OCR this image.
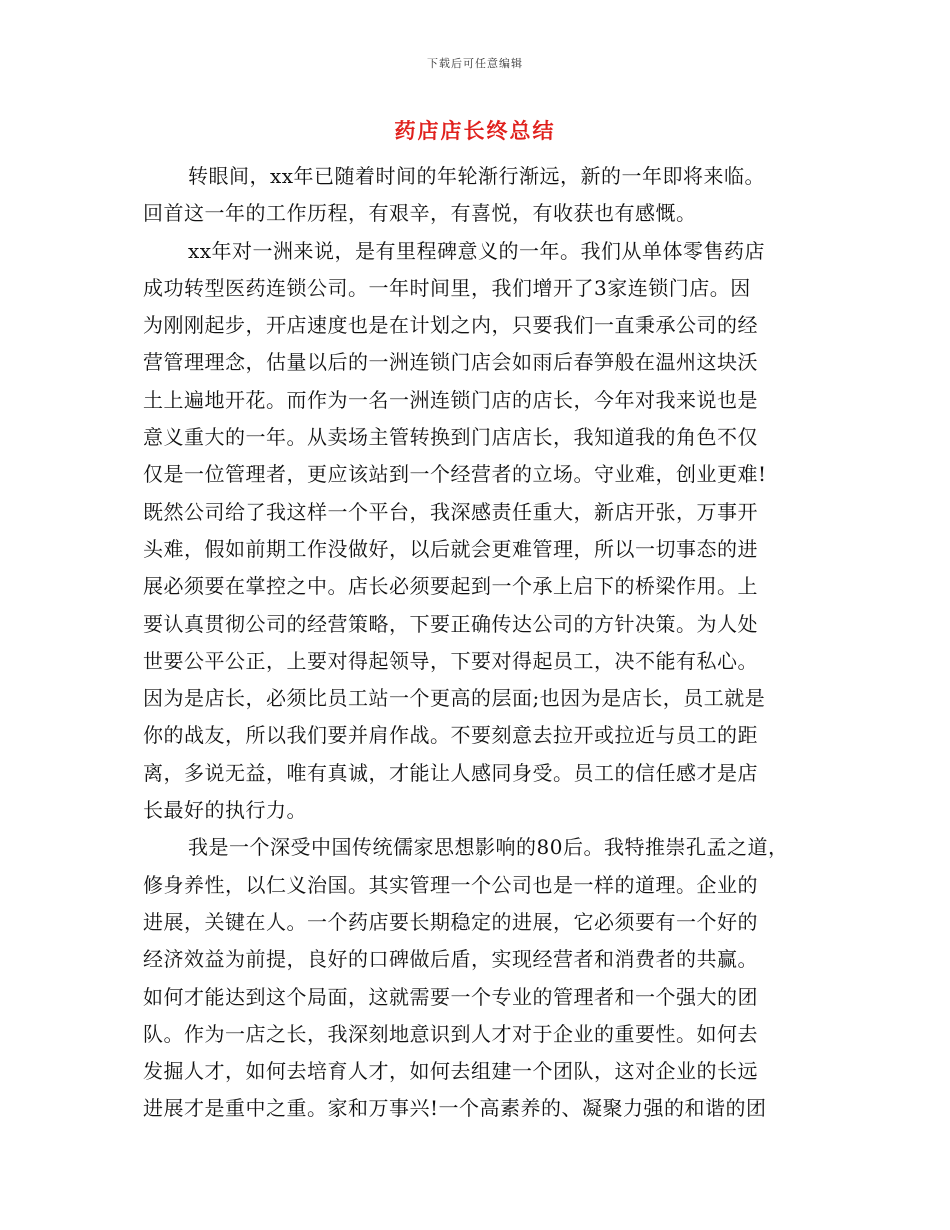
下载后可任意编辑
药店店长终总结
转眼间，xx年已随着时间的年轮渐行渐远，新的一年即将来临。
回首这一年的工作历程，有艰辛，有喜悦，有收获也有感慨。
xx年对一洲来说，是有里程碑意义的一年。我们从单体零售药店
成功转型医药连锁公司。一年时间里，我们增开了3家连锁门店。因
为刚刚起步，开店速度也是在计划之内，只要我们一直秉承公司的经
营管理理念，估量以后的一洲连锁门店会如雨后春笋般在温州这块沃
土上遍地开花。而作为一名一洲连锁门店的店长，今年对我来说也是
意义重大的一年。从卖场主管转换到门店店长，我知道我的角色不仅
仅是一位管理者，更应该站到一个经营者的立场。守业难，创业更难!
既然公司给了我这样一个平台，我深感责任重大，新店开张，万事开
头难，假如前期工作没做好，以后就会更难管理，所以一切事态的进
展必须要在掌控之中。店长必须要起到一个承上启下的桥梁作用。上
要认真贯彻公司的经营策略，下要正确传达公司的方针决策。为人处
世要公平公正，上要对得起领导，下要对得起员工，决不能有私心。
因为是店长，必须比员工站一个更高的层面;也因为是店长，员工就是
你的战友，所以我们要并肩作战。不要刻意去拉开或拉近与员工的距
离，多说无益，唯有真诚，才能让人感同身受。员工的信任感才是店
长最好的执行力。
我是一个深受中国传统儒家思想影响的80后。我特推崇孔孟之道，
修身养性，以仁义治国。其实管理一个公司也是一样的道理。企业的
进展，关键在人。一个药店要长期稳定的进展，它必须要有一个好的
经济效益为前提，良好的口碑做后盾，实现经营者和消费者的共赢。
如何才能达到这个局面，这就需要一个专业的管理者和一个强大的团
队。作为一店之长，我深刻地意识到人才对于企业的重要性。如何去
发掘人才，如何去培育人才，如何去组建一个团队，这对企业的长远
进展才是重中之重。家和万事兴!一个高素养的、凝聚力强的和谐的团
